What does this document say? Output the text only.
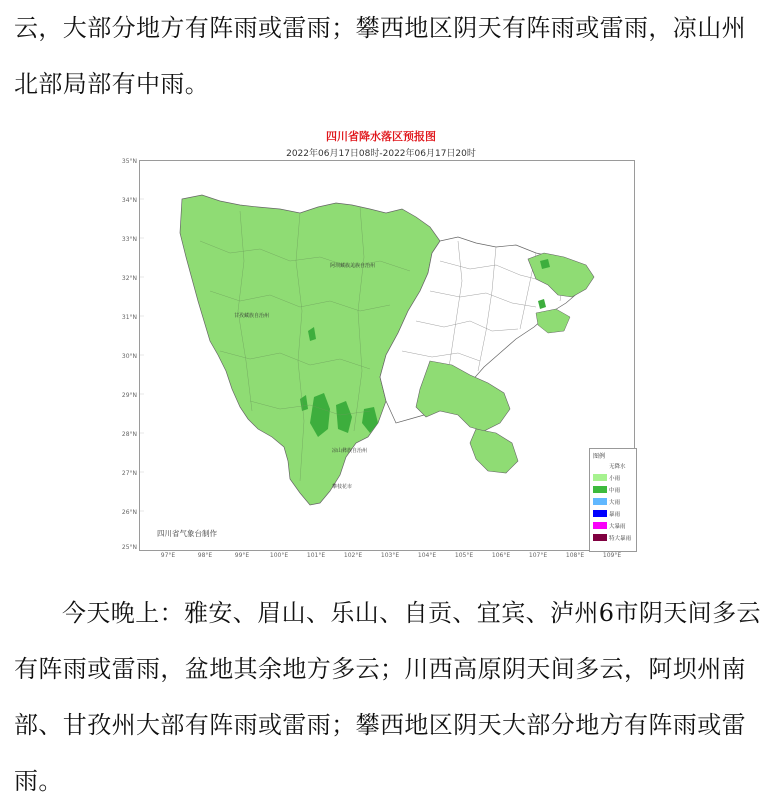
云，大部分地方有阵雨或雷雨；攀西地区阴天有阵雨或雷雨，凉山州
北部局部有中雨。

四川省降水落区预报图
2022年06月17日08时-2022年06月17日20时
阿坝藏族羌族自治州
甘孜藏族自治州
凉山彝族自治州
攀枝花市
图例
无降水
小雨
中雨
大雨
暴雨
大暴雨
特大暴雨
35°N
34°N
33°N
32°N
31°N
30°N
29°N
28°N
27°N
26°N
25°N
97°E	98°E	99°E	100°E	101°E	102°E	103°E	104°E	105°E	106°E	107°E	108°E	109°E
四川省气象台制作

今天晚上：雅安、眉山、乐山、自贡、宜宾、泸州6市阴天间多云有阵雨或雷雨，盆地其余地方多云；川西高原阴天间多云，阿坝州南部、甘孜州大部有阵雨或雷雨；攀西地区阴天大部分地方有阵雨或雷雨。
